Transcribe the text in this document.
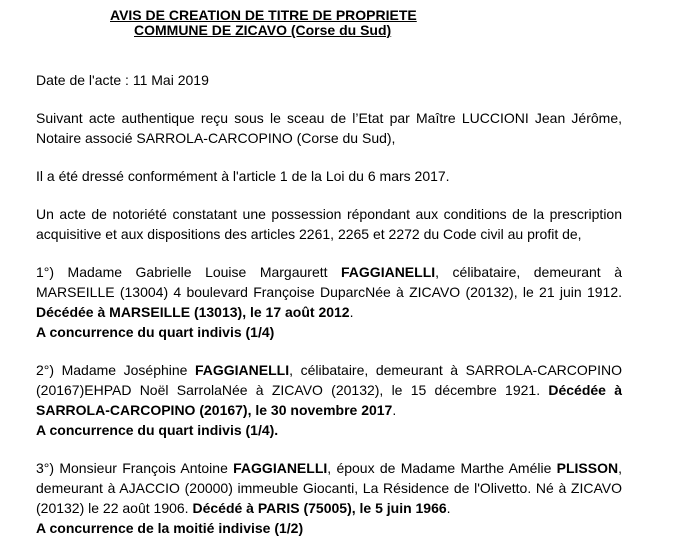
AVIS DE CREATION DE TITRE DE PROPRIETE
COMMUNE DE ZICAVO (Corse du Sud)

Date de l'acte : 11 Mai 2019

Suivant acte authentique reçu sous le sceau de l’Etat par Maître LUCCIONI Jean Jérôme, Notaire associé SARROLA-CARCOPINO (Corse du Sud),

Il a été dressé conformément à l'article 1 de la Loi du 6 mars 2017.

Un acte de notoriété constatant une possession répondant aux conditions de la prescription acquisitive et aux dispositions des articles 2261, 2265 et 2272 du Code civil au profit de,

1°) Madame Gabrielle Louise Margaurett FAGGIANELLI, célibataire, demeurant à MARSEILLE (13004) 4 boulevard Françoise DuparcNée à ZICAVO (20132), le 21 juin 1912. Décédée à MARSEILLE (13013), le 17 août 2012.
A concurrence du quart indivis (1/4)

2°) Madame Joséphine FAGGIANELLI, célibataire, demeurant à SARROLA-CARCOPINO (20167)EHPAD Noël SarrolaNée à ZICAVO (20132), le 15 décembre 1921. Décédée à SARROLA-CARCOPINO (20167), le 30 novembre 2017.
A concurrence du quart indivis (1/4).

3°) Monsieur François Antoine FAGGIANELLI, époux de Madame Marthe Amélie PLISSON, demeurant à AJACCIO (20000) immeuble Giocanti, La Résidence de l'Olivetto. Né à ZICAVO (20132) le 22 août 1906. Décédé à PARIS (75005), le 5 juin 1966.
A concurrence de la moitié indivise (1/2)
